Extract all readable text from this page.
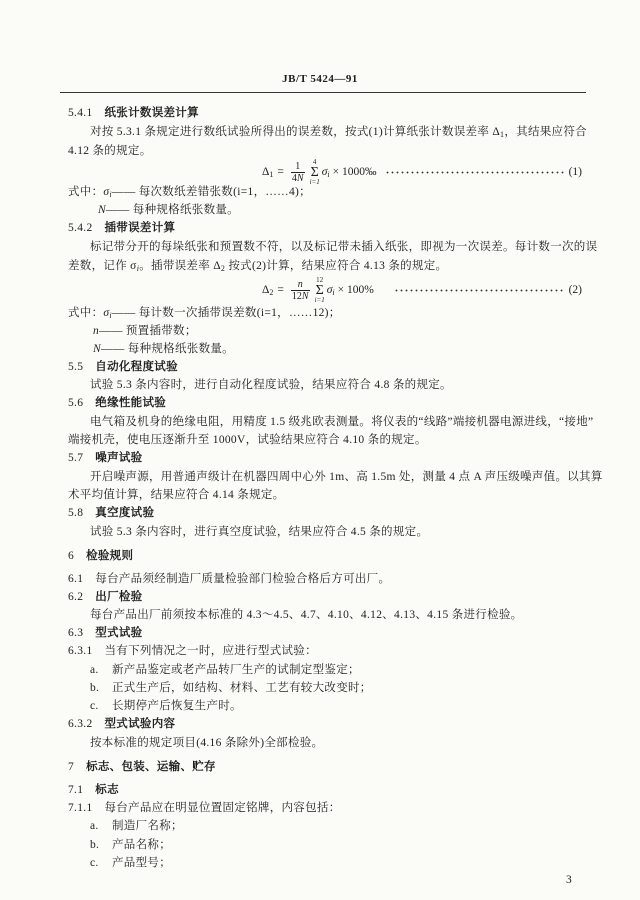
JB/T 5424—91
5.4.1 纸张计数误差计算
对按 5.3.1 条规定进行数纸试验所得出的误差数，按式(1)计算纸张计数误差率 $\Delta_1$，其结果应符合
4.12 条的规定。
$\Delta_1 = \frac{1}{4N} 4$
Σ
i=1
$\sigma_i$ × 1000‰	(1)
式中：$\sigma_i——$ 每次数纸差错张数(i=1，……4)；
N—— 每种规格纸张数量。
5.4.2 插带误差计算
标记带分开的每垛纸张和预置数不符，以及标记带未插入纸张，即视为一次误差。每计数一次的误
差数，记作 $\sigma_i$。插带误差率 $\Delta_2$ 按式(2)计算，结果应符合 4.13 条的规定。
$\Delta_2 = \frac{n}{12N} 12$
Σ
i=1
$\sigma_i \times 100\%$	(2)
式中：$\sigma_i——$ 每计数一次插带误差数(i=1，……12)；
n—— 预置插带数；
N—— 每种规格纸张数量。
5.5 自动化程度试验
试验 5.3 条内容时，进行自动化程度试验，结果应符合 4.8 条的规定。
5.6 绝缘性能试验
电气箱及机身的绝缘电阻，用精度 1.5 级兆欧表测量。将仪表的“线路”端接机器电源进线，“接地”
端接机壳，使电压逐渐升至 1000V，试验结果应符合 4.10 条的规定。
5.7 噪声试验
开启噪声源，用普通声级计在机器四周中心外 1m、高 1.5m 处，测量 4 点 A 声压级噪声值。以其算
术平均值计算，结果应符合 4.14 条规定。
5.8 真空度试验
试验 5.3 条内容时，进行真空度试验，结果应符合 4.5 条的规定。
6 检验规则
6.1 每台产品须经制造厂质量检验部门检验合格后方可出厂。
6.2 出厂检验
每台产品出厂前须按本标准的 4.3～4.5、4.7、4.10、4.12、4.13、4.15 条进行检验。
6.3 型式试验
6.3.1 当有下列情况之一时，应进行型式试验：
a. 新产品鉴定或老产品转厂生产的试制定型鉴定；
b. 正式生产后，如结构、材料、工艺有较大改变时；
c. 长期停产后恢复生产时。
6.3.2 型式试验内容
按本标准的规定项目(4.16 条除外)全部检验。
7 标志、包装、运输、贮存
7.1 标志
7.1.1 每台产品应在明显位置固定铭牌，内容包括：
a. 制造厂名称；
b. 产品名称；
c. 产品型号；
3
